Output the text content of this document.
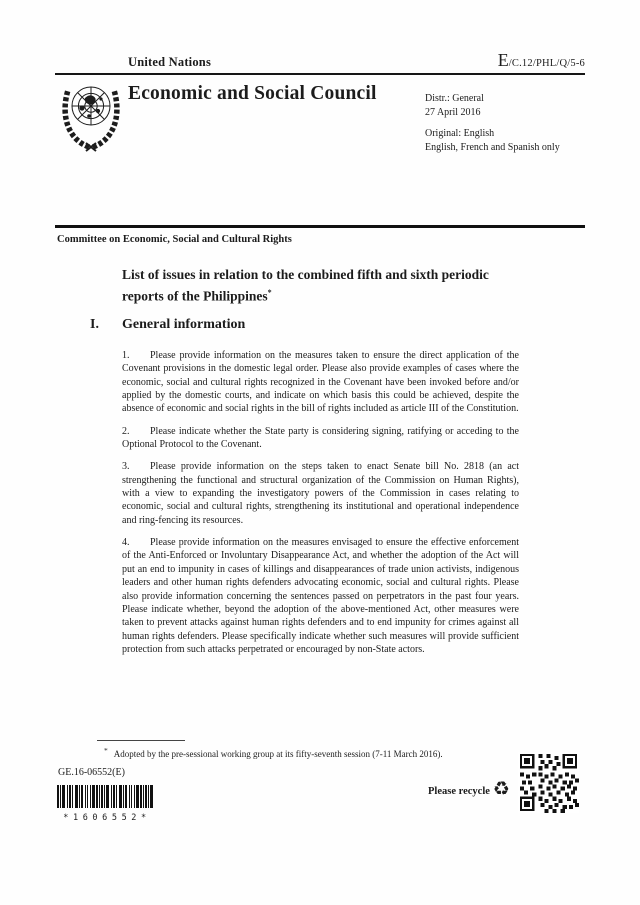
United Nations	E /C.12/PHL/Q/5-6
Economic and Social Council	Distr.: General
27 April 2016
Original: English
English, French and Spanish only
Committee on Economic, Social and Cultural Rights
List of issues in relation to the combined fifth and sixth periodic reports of the Philippines*
I. General information

1. Please provide information on the measures taken to ensure the direct application of the Covenant provisions in the domestic legal order. Please also provide examples of cases where the economic, social and cultural rights recognized in the Covenant have been invoked before and/or applied by the domestic courts, and indicate on which basis this could be achieved, despite the absence of economic and social rights in the bill of rights included as article III of the Constitution.

2. Please indicate whether the State party is considering signing, ratifying or acceding to the Optional Protocol to the Covenant.

3. Please provide information on the steps taken to enact Senate bill No. 2818 (an act strengthening the functional and structural organization of the Commission on Human Rights), with a view to expanding the investigatory powers of the Commission in cases relating to economic, social and cultural rights, strengthening its institutional and operational independence and ring-fencing its resources.

4. Please provide information on the measures envisaged to ensure the effective enforcement of the Anti-Enforced or Involuntary Disappearance Act, and whether the adoption of the Act will put an end to impunity in cases of killings and disappearances of trade union activists, indigenous leaders and other human rights defenders advocating economic, social and cultural rights. Please also provide information concerning the sentences passed on perpetrators in the past four years. Please indicate whether, beyond the adoption of the above-mentioned Act, other measures were taken to prevent attacks against human rights defenders and to end impunity for crimes against all human rights defenders. Please specifically indicate whether such measures will provide sufficient protection from such attacks perpetrated or encouraged by non-State actors.

* Adopted by the pre-sessional working group at its fifty-seventh session (7-11 March 2016).
GE.16-06552(E)
*1606552*
Please recycle ♻
